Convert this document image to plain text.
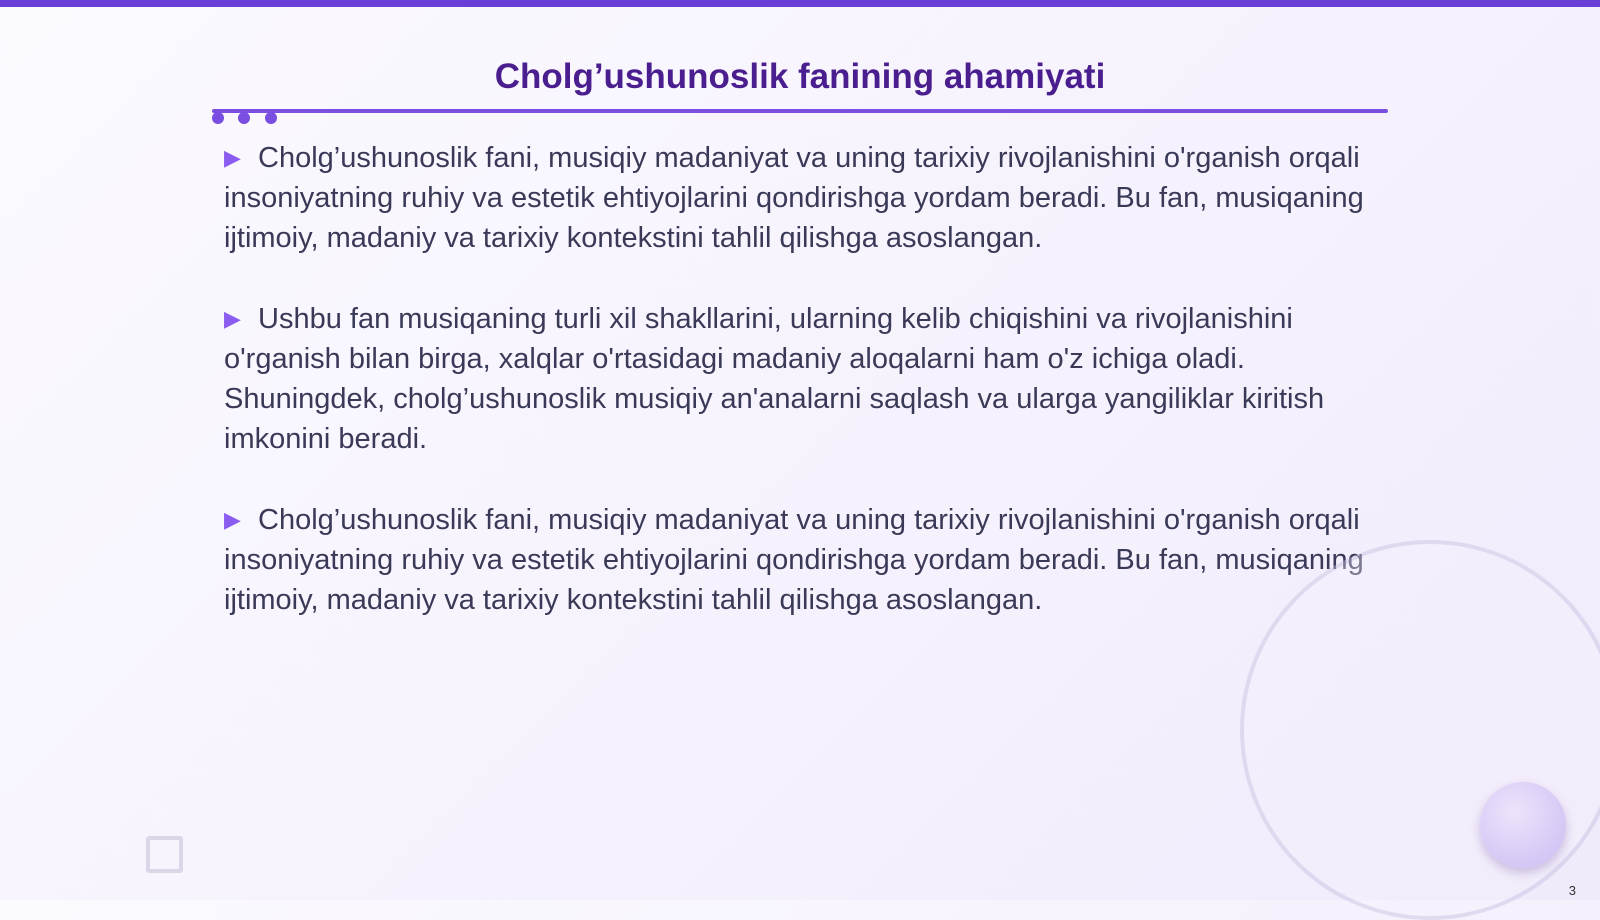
Cholg’ushunoslik fanining ahamiyati

▶ Cholg’ushunoslik fani, musiqiy madaniyat va uning tarixiy rivojlanishini o'rganish orqali insoniyatning ruhiy va estetik ehtiyojlarini qondirishga yordam beradi. Bu fan, musiqaning ijtimoiy, madaniy va tarixiy kontekstini tahlil qilishga asoslangan.

▶ Ushbu fan musiqaning turli xil shakllarini, ularning kelib chiqishini va rivojlanishini o'rganish bilan birga, xalqlar o'rtasidagi madaniy aloqalarni ham o'z ichiga oladi. Shuningdek, cholg’ushunoslik musiqiy an'analarni saqlash va ularga yangiliklar kiritish imkonini beradi.

▶ Cholg’ushunoslik fani, musiqiy madaniyat va uning tarixiy rivojlanishini o'rganish orqali insoniyatning ruhiy va estetik ehtiyojlarini qondirishga yordam beradi. Bu fan, musiqaning ijtimoiy, madaniy va tarixiy kontekstini tahlil qilishga asoslangan.

3
